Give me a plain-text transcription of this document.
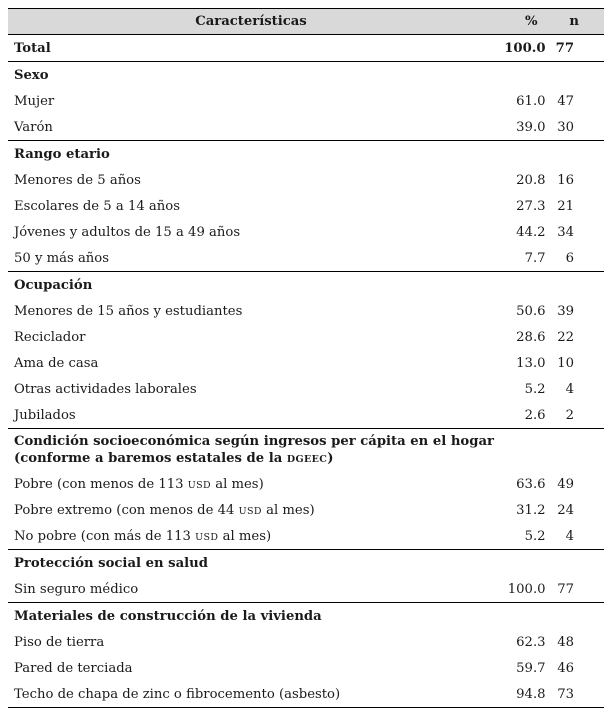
Características	%	n
Total	100.0	77
Sexo		
Mujer	61.0	47
Varón	39.0	30
Rango etario		
Menores de 5 años	20.8	16
Escolares de 5 a 14 años	27.3	21
Jóvenes y adultos de 15 a 49 años	44.2	34
50 y más años	7.7	6
Ocupación		
Menores de 15 años y estudiantes	50.6	39
Reciclador	28.6	22
Ama de casa	13.0	10
Otras actividades laborales	5.2	4
Jubilados	2.6	2
Condición socioeconómica según ingresos per cápita en el hogar
(conforme a baremos estatales de la DGEEC)		
Pobre (con menos de 113 USD al mes)	63.6	49
Pobre extremo (con menos de 44 USD al mes)	31.2	24
No pobre (con más de 113 USD al mes)	5.2	4
Protección social en salud		
Sin seguro médico	100.0	77
Materiales de construcción de la vivienda		
Piso de tierra	62.3	48
Pared de terciada	59.7	46
Techo de chapa de zinc o fibrocemento (asbesto)	94.8	73
